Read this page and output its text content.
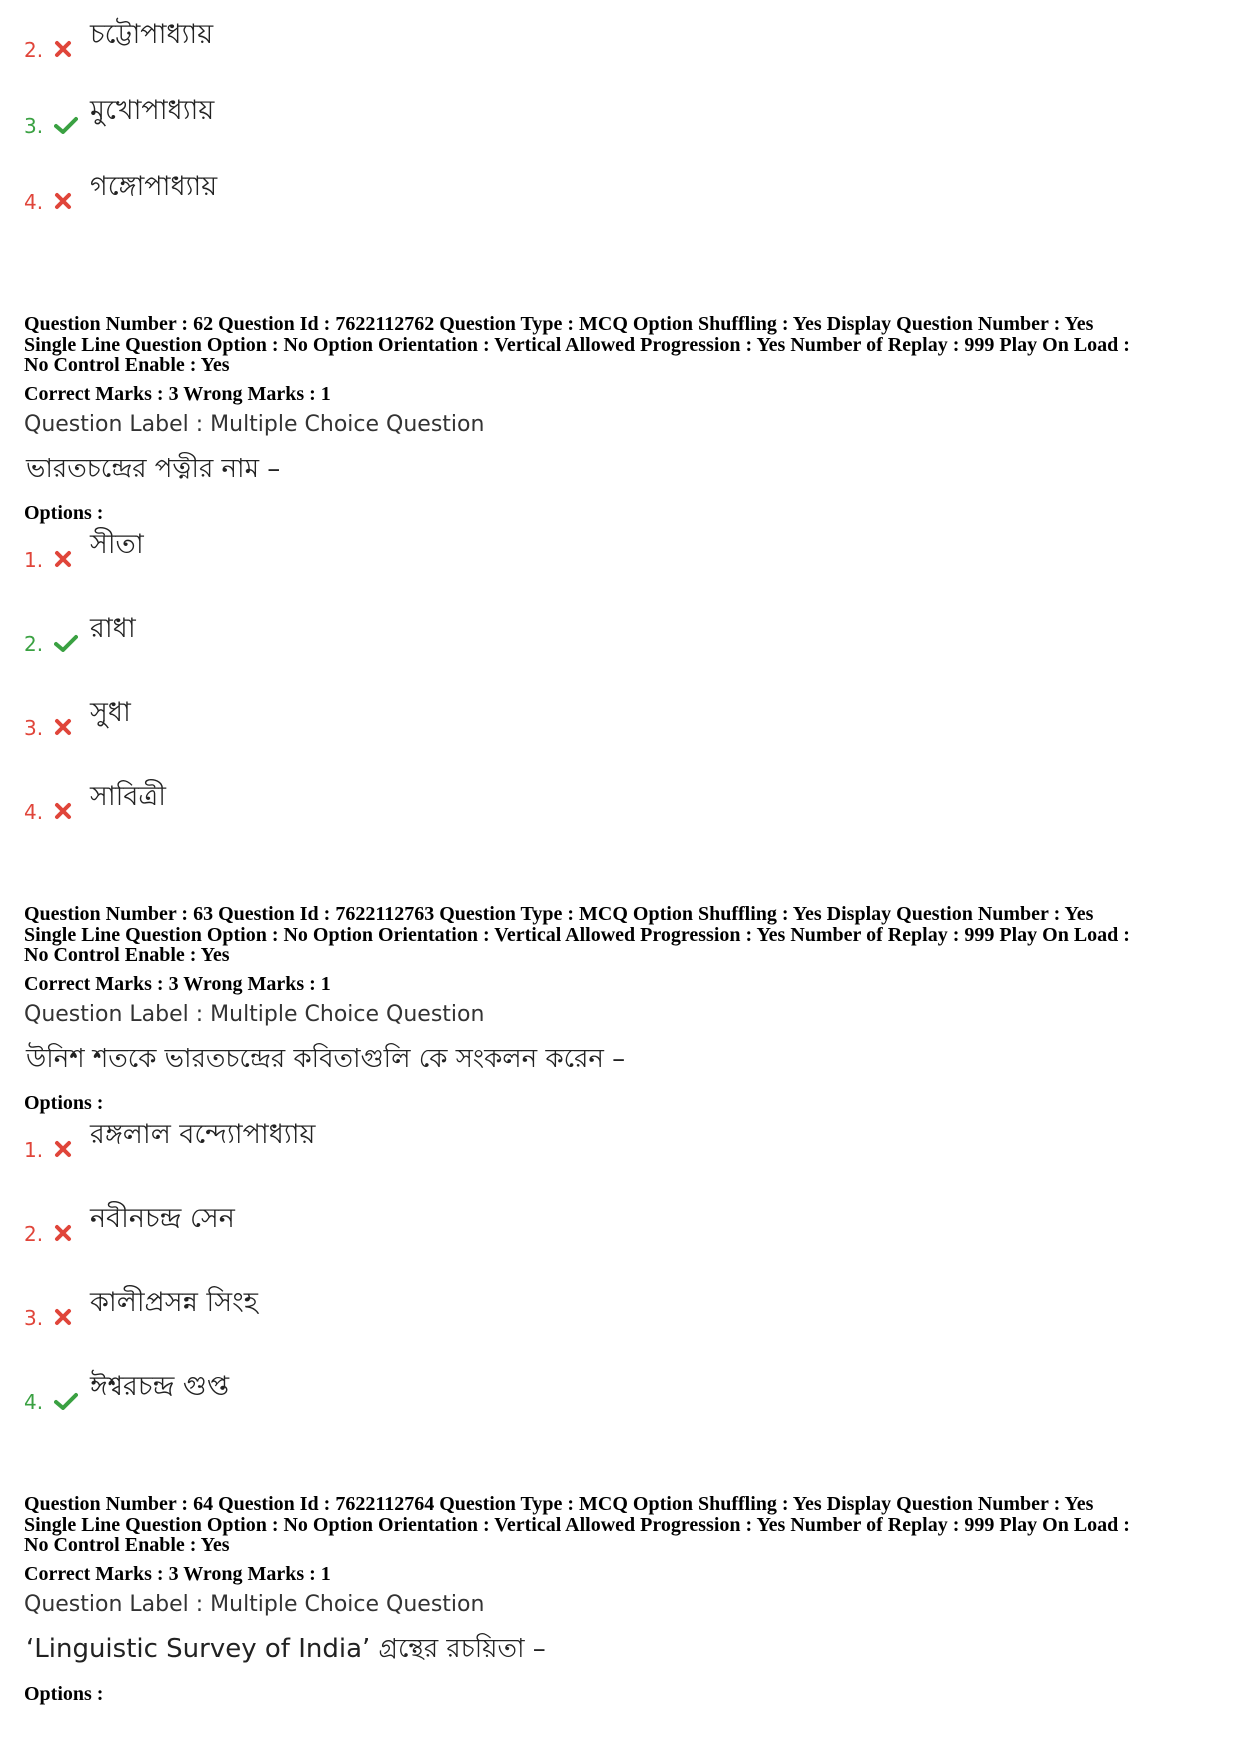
2. চট্টোপাধ্যায়
3. মুখোপাধ্যায়
4. গঙ্গোপাধ্যায়

Question Number : 62 Question Id : 7622112762 Question Type : MCQ Option Shuffling : Yes Display Question Number : Yes

Single Line Question Option : No Option Orientation : Vertical Allowed Progression : Yes Number of Replay : 999 Play On Load :

No Control Enable : Yes

Correct Marks : 3 Wrong Marks : 1
Question Label : Multiple Choice Question
ভারতচন্দ্রের পত্নীর নাম –
Options :
1. সীতা
2. রাধা
3. সুধা
4. সাবিত্রী

Question Number : 63 Question Id : 7622112763 Question Type : MCQ Option Shuffling : Yes Display Question Number : Yes

Single Line Question Option : No Option Orientation : Vertical Allowed Progression : Yes Number of Replay : 999 Play On Load :

No Control Enable : Yes

Correct Marks : 3 Wrong Marks : 1
Question Label : Multiple Choice Question
উনিশ শতকে ভারতচন্দ্রের কবিতাগুলি কে সংকলন করেন –
Options :
1. রঙ্গলাল বন্দ্যোপাধ্যায়
2. নবীনচন্দ্র সেন
3. কালীপ্রসন্ন সিংহ
4. ঈশ্বরচন্দ্র গুপ্ত

Question Number : 64 Question Id : 7622112764 Question Type : MCQ Option Shuffling : Yes Display Question Number : Yes

Single Line Question Option : No Option Orientation : Vertical Allowed Progression : Yes Number of Replay : 999 Play On Load :

No Control Enable : Yes

Correct Marks : 3 Wrong Marks : 1
Question Label : Multiple Choice Question
‘Linguistic Survey of India’ গ্রন্থের রচয়িতা –
Options :
